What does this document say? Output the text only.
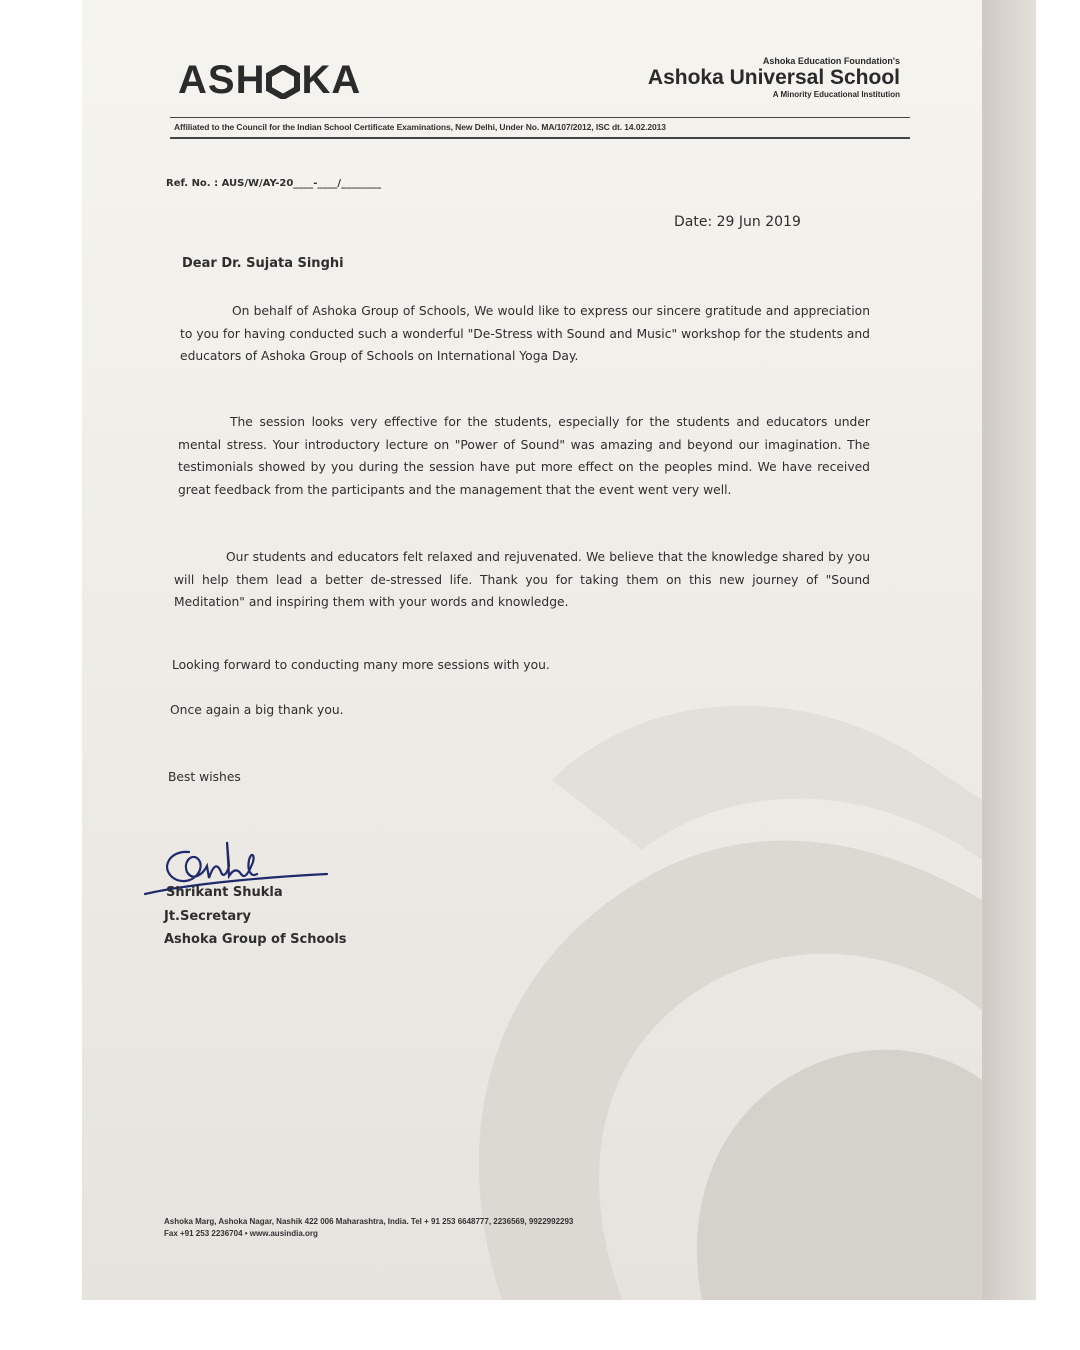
ASH KA	Ashoka Education Foundation's
Ashoka Universal School
A Minority Educational Institution
Affiliated to the Council for the Indian School Certificate Examinations, New Delhi, Under No. MA/107/2012, ISC dt. 14.02.2013
Ref. No. : AUS/W/AY-20____-____/________
Date: 29 Jun 2019
Dear Dr. Sujata Singhi
On behalf of Ashoka Group of Schools, We would like to express our sincere gratitude and appreciation to you for having conducted such a wonderful "De-Stress with Sound and Music" workshop for the students and educators of Ashoka Group of Schools on International Yoga Day.
The session looks very effective for the students, especially for the students and educators under mental stress. Your introductory lecture on "Power of Sound" was amazing and beyond our imagination. The testimonials showed by you during the session have put more effect on the peoples mind. We have received great feedback from the participants and the management that the event went very well.
Our students and educators felt relaxed and rejuvenated. We believe that the knowledge shared by you will help them lead a better de-stressed life. Thank you for taking them on this new journey of "Sound Meditation" and inspiring them with your words and knowledge.
Looking forward to conducting many more sessions with you.
Once again a big thank you.
Best wishes
Shrikant Shukla
Jt.Secretary
Ashoka Group of Schools
Ashoka Marg, Ashoka Nagar, Nashik 422 006 Maharashtra, India. Tel + 91 253 6648777, 2236569, 9922992293
Fax +91 253 2236704 • www.ausindia.org
